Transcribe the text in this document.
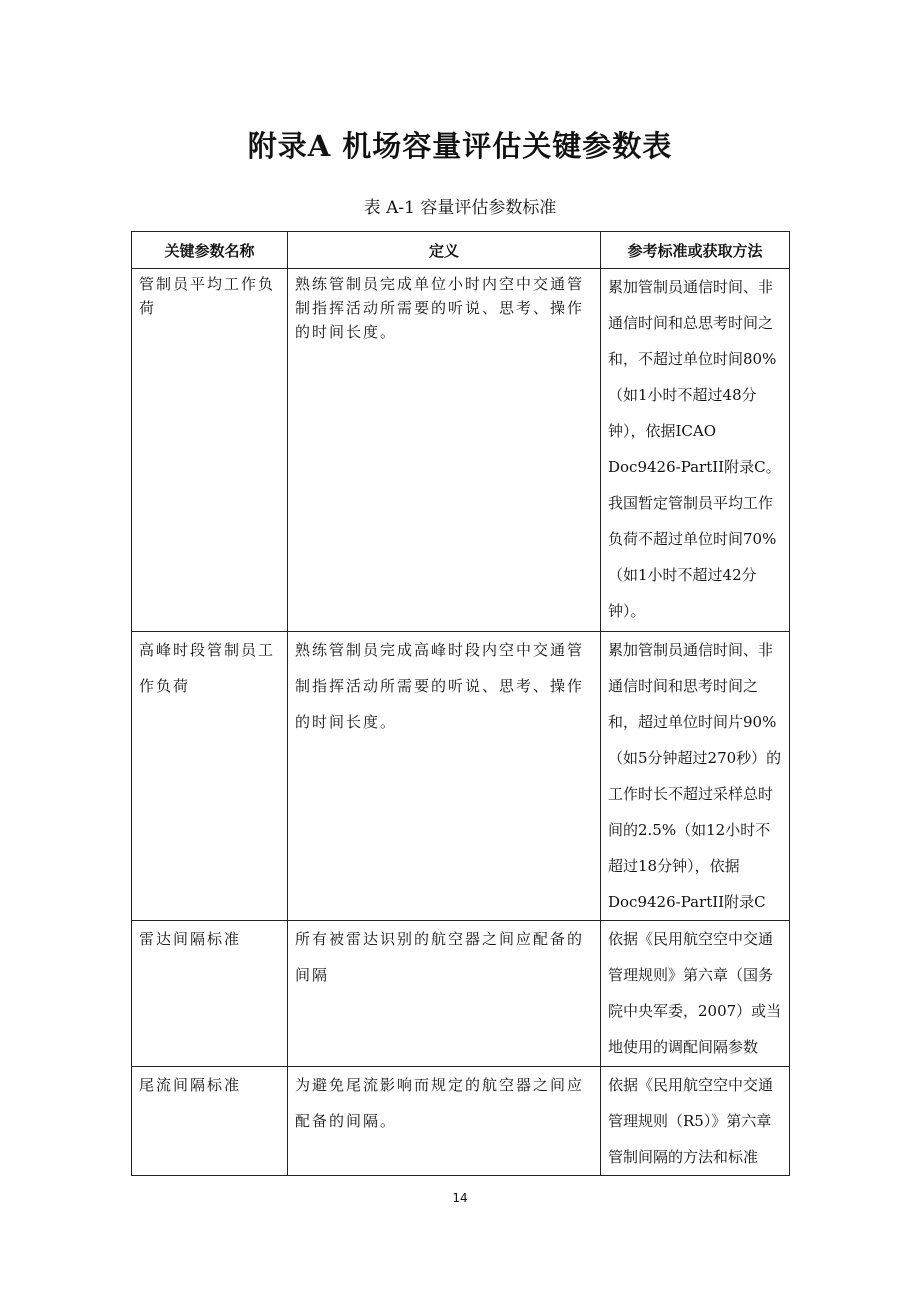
附录A 机场容量评估关键参数表
表 A-1 容量评估参数标准
关键参数名称	定义	参考标准或获取方法
管制员平均工作负荷	熟练管制员完成单位小时内空中交通管制指挥活动所需要的听说、思考、操作的时间长度。	累加管制员通信时间、非通信时间和总思考时间之和，不超过单位时间80%（如1小时不超过48分钟），依据ICAO Doc9426-PartII附录C。我国暂定管制员平均工作负荷不超过单位时间70%（如1小时不超过42分钟）。
高峰时段管制员工作负荷	熟练管制员完成高峰时段内空中交通管制指挥活动所需要的听说、思考、操作的时间长度。	累加管制员通信时间、非通信时间和思考时间之和，超过单位时间片90%（如5分钟超过270秒）的工作时长不超过采样总时间的2.5%（如12小时不超过18分钟），依据Doc9426-PartII附录C
雷达间隔标准	所有被雷达识别的航空器之间应配备的间隔	依据《民用航空空中交通管理规则》第六章（国务院中央军委，2007）或当地使用的调配间隔参数
尾流间隔标准	为避免尾流影响而规定的航空器之间应配备的间隔。	依据《民用航空空中交通管理规则（R5）》第六章管制间隔的方法和标准
14
